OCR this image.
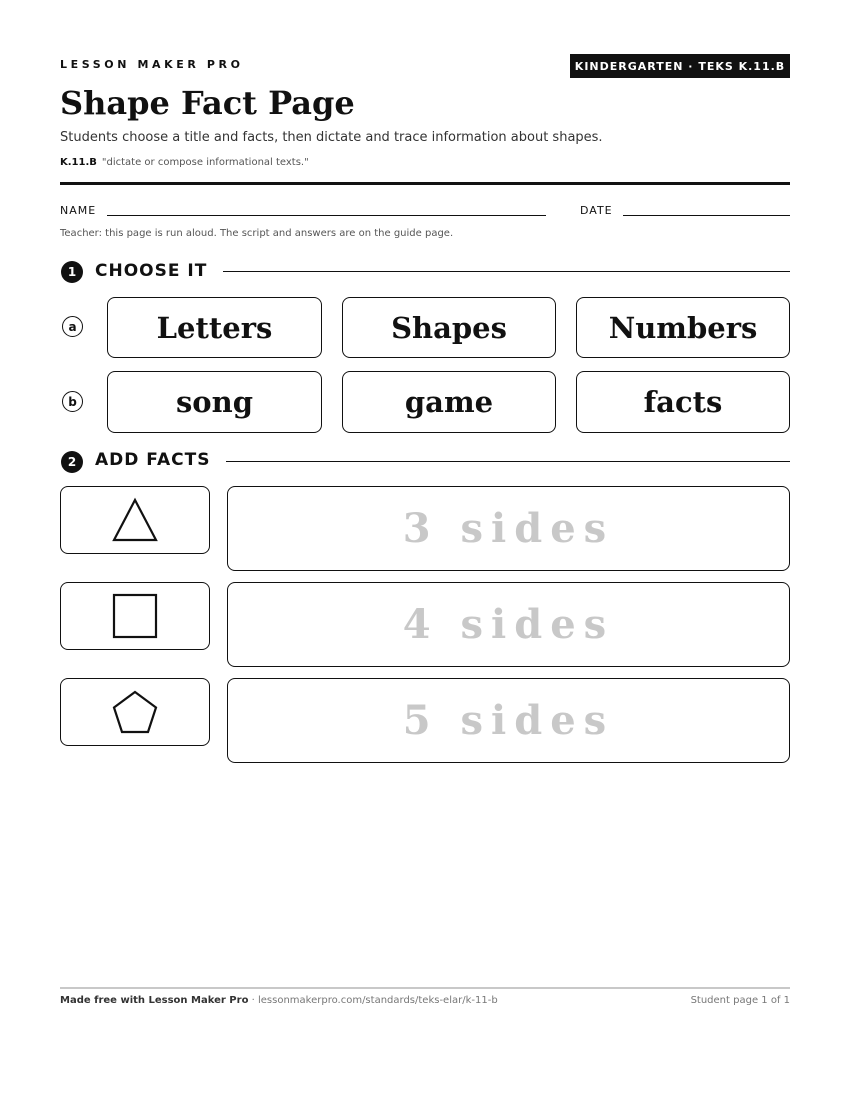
LESSON MAKER PRO	KINDERGARTEN · TEKS K.11.B
Shape Fact Page
Students choose a title and facts, then dictate and trace information about shapes.
K.11.B "dictate or compose informational texts."
NAME	DATE
Teacher: this page is run aloud. The script and answers are on the guide page.
1	CHOOSE IT
a	Letters	Shapes	Numbers
b	song	game	facts
2	ADD FACTS
3 sides
4 sides
5 sides
Made free with Lesson Maker Pro · lessonmakerpro.com/standards/teks-elar/k-11-b	Student page 1 of 1
